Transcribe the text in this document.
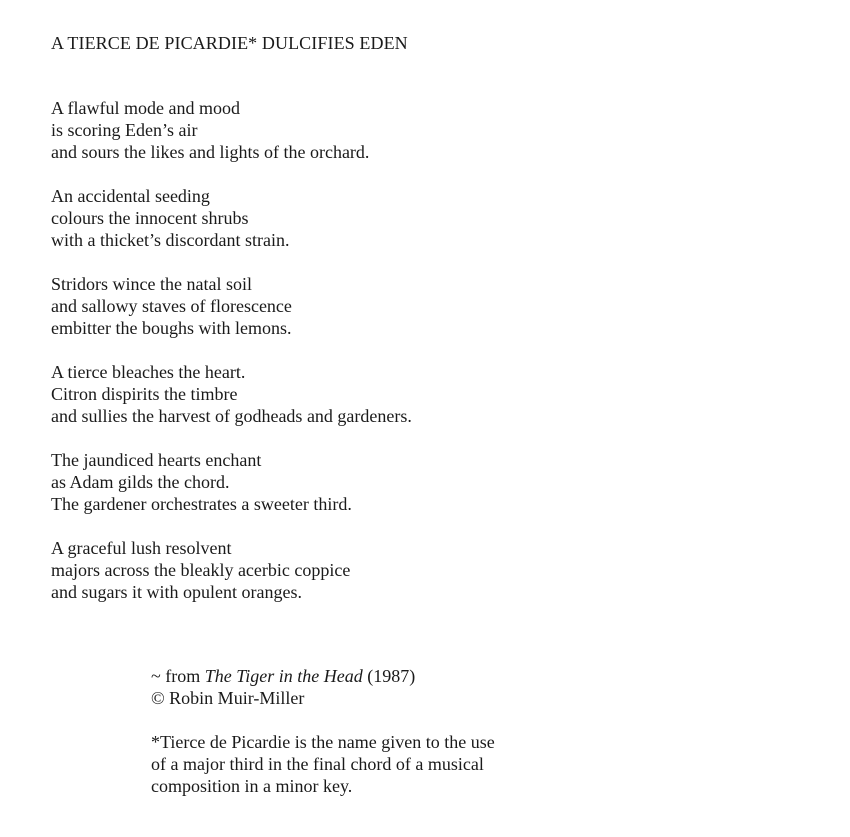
A TIERCE DE PICARDIE* DULCIFIES EDEN
A flawful mode and mood
is scoring Eden’s air
and sours the likes and lights of the orchard.
An accidental seeding
colours the innocent shrubs
with a thicket’s discordant strain.
Stridors wince the natal soil
and sallowy staves of florescence
embitter the boughs with lemons.
A tierce bleaches the heart.
Citron dispirits the timbre
and sullies the harvest of godheads and gardeners.
The jaundiced hearts enchant
as Adam gilds the chord.
The gardener orchestrates a sweeter third.
A graceful lush resolvent
majors across the bleakly acerbic coppice
and sugars it with opulent oranges.
~ from The Tiger in the Head (1987)
© Robin Muir-Miller
*Tierce de Picardie is the name given to the use
of a major third in the final chord of a musical
composition in a minor key.
